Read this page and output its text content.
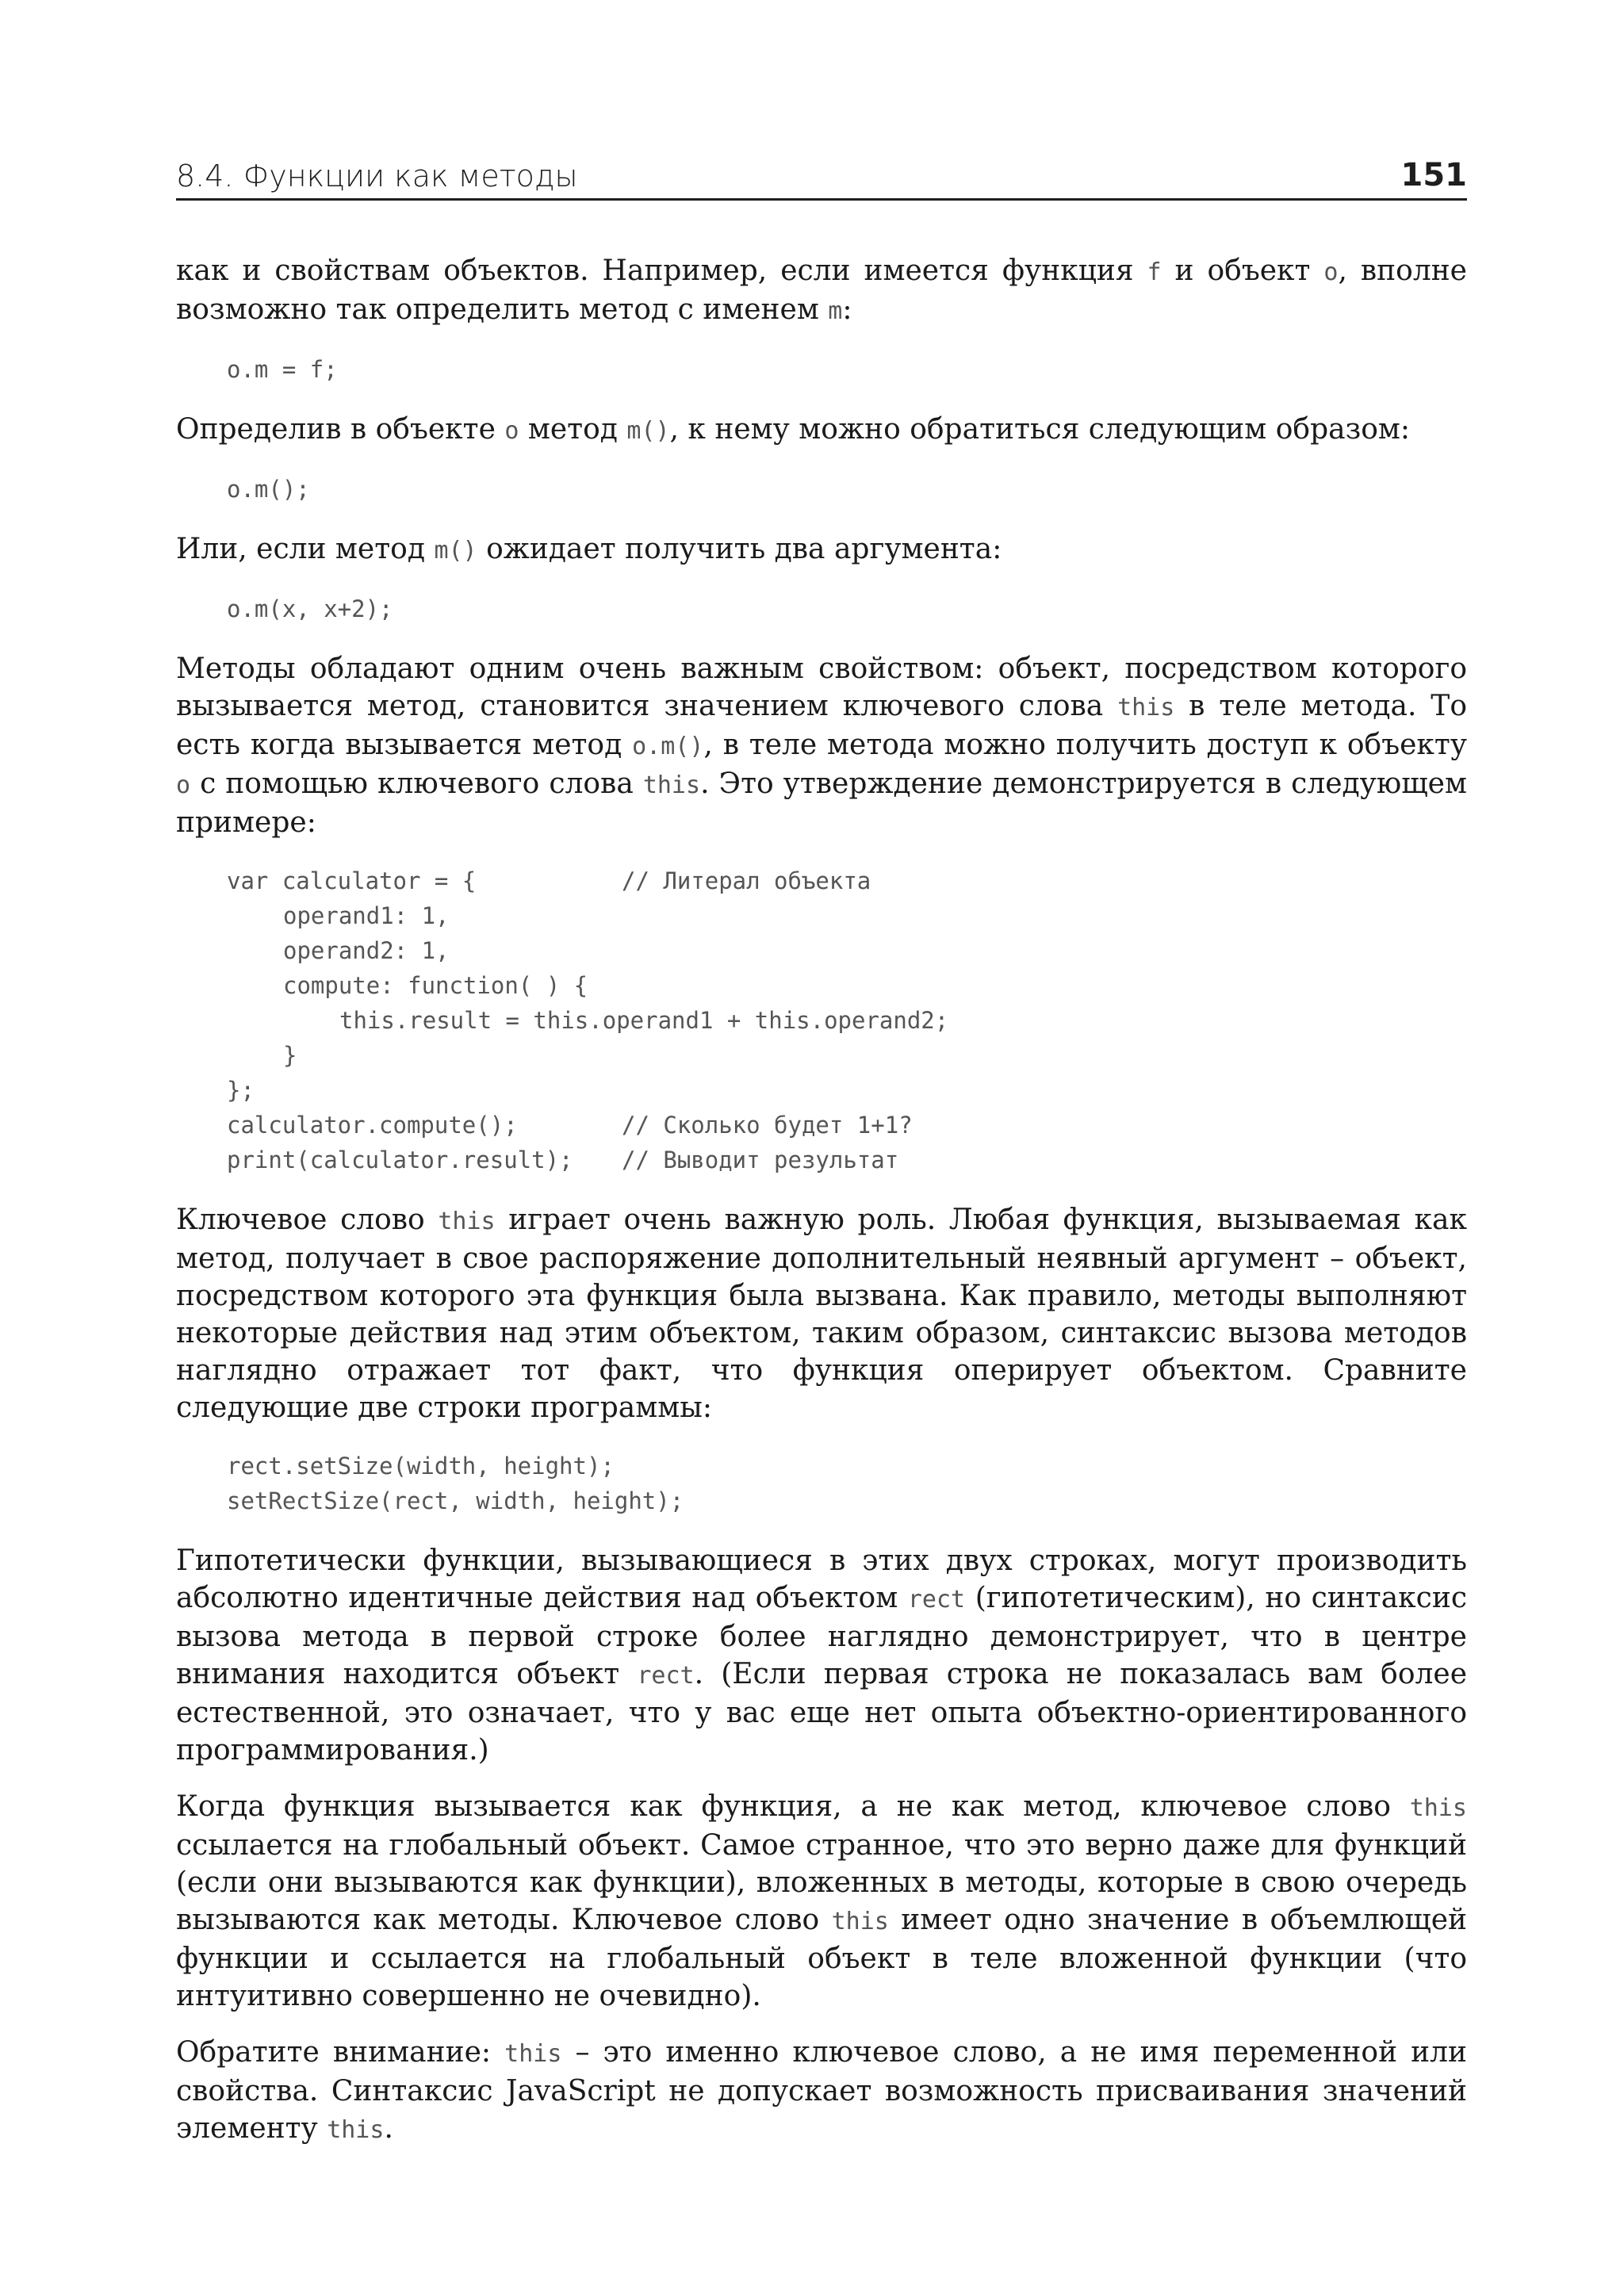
8.4. Функции как методы	151

как и свойствам объектов. Например, если имеется функция f и объект o, вполне возможно так определить метод с именем m:

o.m = f;

Определив в объекте o метод m(), к нему можно обратиться следующим образом:

o.m();

Или, если метод m() ожидает получить два аргумента:

o.m(x, x+2);

Методы обладают одним очень важным свойством: объект, посредством которого вызывается метод, становится значением ключевого слова this в теле метода. То есть когда вызывается метод o.m(), в теле метода можно получить доступ к объекту o с помощью ключевого слова this. Это утверждение демонстрируется в следующем примере:

var calculator = {	// Литерал объекта
operand1: 1,
operand2: 1,
compute: function( ) {
this.result = this.operand1 + this.operand2;
}
};
calculator.compute();	// Сколько будет 1+1?
print(calculator.result); // Выводит результат

Ключевое слово this играет очень важную роль. Любая функция, вызываемая как метод, получает в свое распоряжение дополнительный неявный аргумент – объект, посредством которого эта функция была вызвана. Как правило, методы выполняют некоторые действия над этим объектом, таким образом, синтаксис вызова методов наглядно отражает тот факт, что функция оперирует объектом. Сравните следующие две строки программы:

rect.setSize(width, height);
setRectSize(rect, width, height);

Гипотетически функции, вызывающиеся в этих двух строках, могут производить абсолютно идентичные действия над объектом rect (гипотетическим), но синтаксис вызова метода в первой строке более наглядно демонстрирует, что в центре внимания находится объект rect. (Если первая строка не показалась вам более естественной, это означает, что у вас еще нет опыта объектно-ориентированного программирования.)

Когда функция вызывается как функция, а не как метод, ключевое слово this ссылается на глобальный объект. Самое странное, что это верно даже для функций (если они вызываются как функции), вложенных в методы, которые в свою очередь вызываются как методы. Ключевое слово this имеет одно значение в объемлющей функции и ссылается на глобальный объект в теле вложенной функции (что интуитивно совершенно не очевидно).

Обратите внимание: this – это именно ключевое слово, а не имя переменной или свойства. Синтаксис JavaScript не допускает возможность присваивания значений элементу this.
